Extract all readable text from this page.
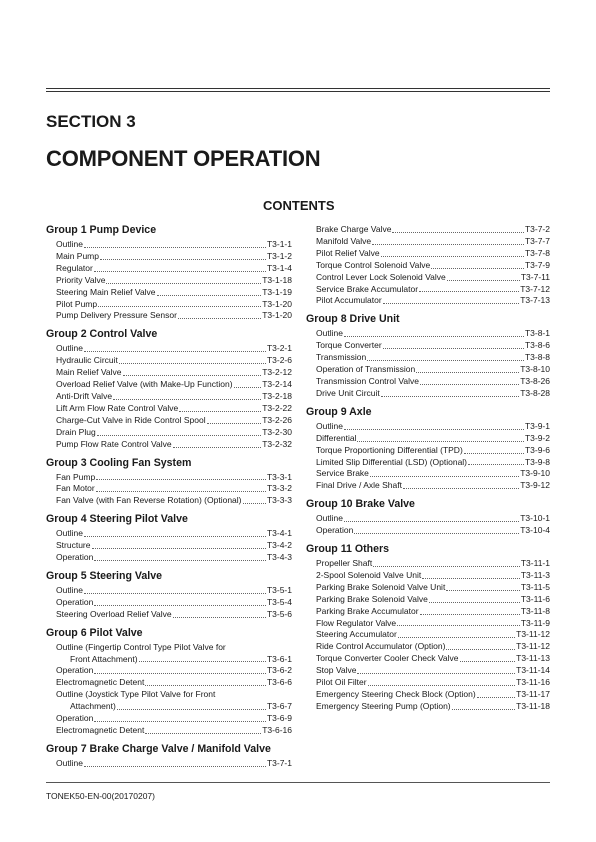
SECTION 3
COMPONENT OPERATION
CONTENTS
Group 1 Pump Device
Outline	T3-1-1
Main Pump	T3-1-2
Regulator	T3-1-4
Priority Valve	T3-1-18
Steering Main Relief Valve	T3-1-19
Pilot Pump	T3-1-20
Pump Delivery Pressure Sensor	T3-1-20
Group 2 Control Valve
Outline	T3-2-1
Hydraulic Circuit	T3-2-6
Main Relief Valve	T3-2-12
Overload Relief Valve (with Make-Up Function)	T3-2-14
Anti-Drift Valve	T3-2-18
Lift Arm Flow Rate Control Valve	T3-2-22
Charge-Cut Valve in Ride Control Spool	T3-2-26
Drain Plug	T3-2-30
Pump Flow Rate Control Valve	T3-2-32
Group 3 Cooling Fan System
Fan Pump	T3-3-1
Fan Motor	T3-3-2
Fan Valve (with Fan Reverse Rotation) (Optional)	T3-3-3
Group 4 Steering Pilot Valve
Outline	T3-4-1
Structure	T3-4-2
Operation	T3-4-3
Group 5 Steering Valve
Outline	T3-5-1
Operation	T3-5-4
Steering Overload Relief Valve	T3-5-6
Group 6 Pilot Valve
Outline (Fingertip Control Type Pilot Valve for
Front Attachment)	T3-6-1
Operation	T3-6-2
Electromagnetic Detent	T3-6-6
Outline (Joystick Type Pilot Valve for Front
Attachment)	T3-6-7
Operation	T3-6-9
Electromagnetic Detent	T3-6-16
Group 7 Brake Charge Valve / Manifold Valve
Outline	T3-7-1
Brake Charge Valve	T3-7-2
Manifold Valve	T3-7-7
Pilot Relief Valve	T3-7-8
Torque Control Solenoid Valve	T3-7-9
Control Lever Lock Solenoid Valve	T3-7-11
Service Brake Accumulator	T3-7-12
Pilot Accumulator	T3-7-13
Group 8 Drive Unit
Outline	T3-8-1
Torque Converter	T3-8-6
Transmission	T3-8-8
Operation of Transmission	T3-8-10
Transmission Control Valve	T3-8-26
Drive Unit Circuit	T3-8-28
Group 9 Axle
Outline	T3-9-1
Differential	T3-9-2
Torque Proportioning Differential (TPD)	T3-9-6
Limited Slip Differential (LSD) (Optional)	T3-9-8
Service Brake	T3-9-10
Final Drive / Axle Shaft	T3-9-12
Group 10 Brake Valve
Outline	T3-10-1
Operation	T3-10-4
Group 11 Others
Propeller Shaft	T3-11-1
2-Spool Solenoid Valve Unit	T3-11-3
Parking Brake Solenoid Valve Unit	T3-11-5
Parking Brake Solenoid Valve	T3-11-6
Parking Brake Accumulator	T3-11-8
Flow Regulator Valve	T3-11-9
Steering Accumulator	T3-11-12
Ride Control Accumulator (Option)	T3-11-12
Torque Converter Cooler Check Valve	T3-11-13
Stop Valve	T3-11-14
Pilot Oil Filter	T3-11-16
Emergency Steering Check Block (Option)	T3-11-17
Emergency Steering Pump (Option)	T3-11-18
TONEK50-EN-00(20170207)
